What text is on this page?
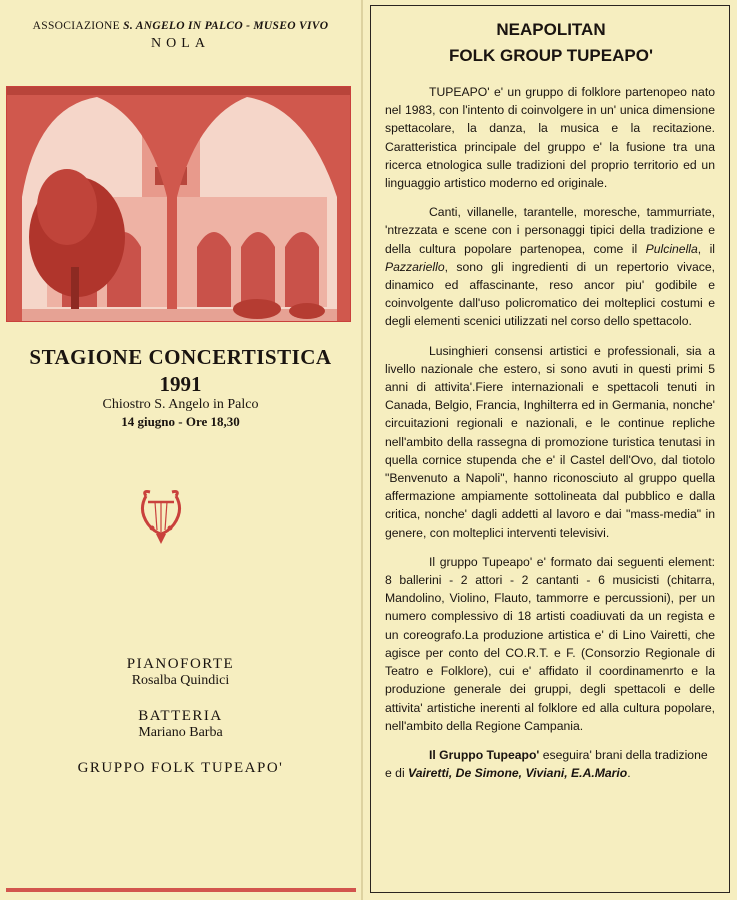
ASSOCIAZIONE S. ANGELO IN PALCO - MUSEO VIVO
NOLA
STAGIONE CONCERTISTICA
1991
Chiostro S. Angelo in Palco
14 giugno - Ore 18,30
PIANOFORTE
Rosalba Quindici
BATTERIA
Mariano Barba
GRUPPO FOLK TUPEAPO'
NEAPOLITAN
FOLK GROUP TUPEAPO'

TUPEAPO' e' un gruppo di folklore partenopeo nato nel 1983, con l'intento di coinvolgere in un' unica dimensione spettacolare, la danza, la musica e la recitazione. Caratteristica principale del gruppo e' la fusione tra una ricerca etnologica sulle tradizioni del proprio territorio ed un linguaggio artistico moderno ed originale.

Canti, villanelle, tarantelle, moresche, tammurriate, 'ntrezzata e scene con i personaggi tipici della tradizione e della cultura popolare partenopea, come il Pulcinella, il Pazzariello, sono gli ingredienti di un repertorio vivace, dinamico ed affascinante, reso ancor piu' godibile e coinvolgente dall'uso policromatico dei molteplici costumi e degli elementi scenici utilizzati nel corso dello spettacolo.

Lusinghieri consensi artistici e professionali, sia a livello nazionale che estero, si sono avuti in questi primi 5 anni di attivita'.Fiere internazionali e spettacoli tenuti in Canada, Belgio, Francia, Inghilterra ed in Germania, nonche' circuitazioni regionali e nazionali, e le continue repliche nell'ambito della rassegna di promozione turistica tenutasi in quella cornice stupenda che e' il Castel dell'Ovo, dal tiotolo "Benvenuto a Napoli", hanno riconosciuto al gruppo quella affermazione ampiamente sottolineata dal pubblico e dalla critica, nonche' dagli addetti al lavoro e dai "mass-media" in genere, con molteplici interventi televisivi.

Il gruppo Tupeapo' e' formato dai seguenti element: 8 ballerini - 2 attori - 2 cantanti - 6 musicisti (chitarra, Mandolino, Violino, Flauto, tammorre e percussioni), per un numero complessivo di 18 artisti coadiuvati da un regista e un coreografo.La produzione artistica e' di Lino Vairetti, che agisce per conto del CO.R.T. e F. (Consorzio Regionale di Teatro e Folklore), cui e' affidato il coordinamenrto e la produzione generale dei gruppi, degli spettacoli e delle attivita' artistiche inerenti al folklore ed alla cultura popolare, nell'ambito della Regione Campania.

Il Gruppo Tupeapo' eseguira' brani della tradizione e di Vairetti, De Simone, Viviani, E.A.Mario.
